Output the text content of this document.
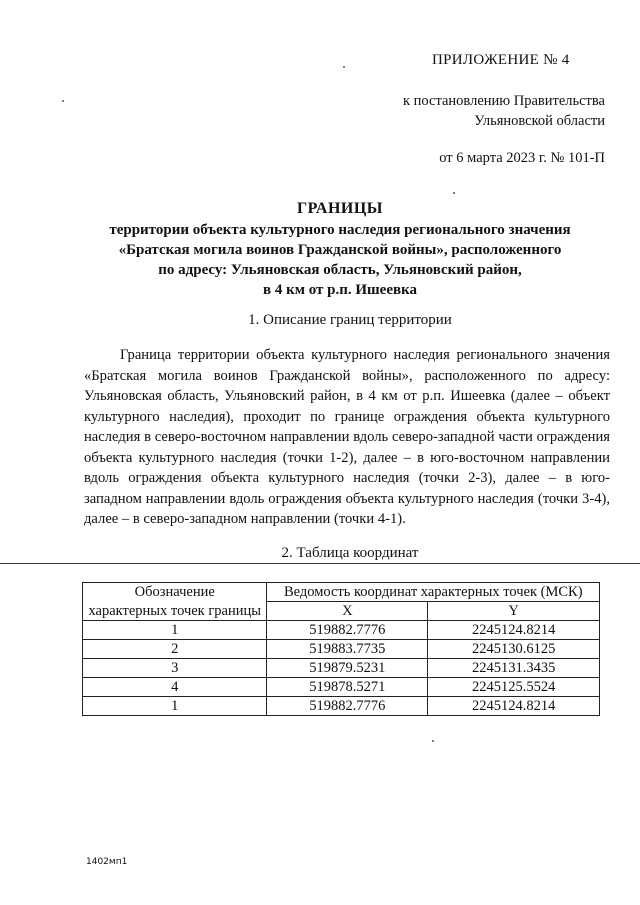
ПРИЛОЖЕНИЕ № 4
к постановлению Правительства
Ульяновской области
от 6 марта 2023 г. № 101-П
ГРАНИЦЫ
территории объекта культурного наследия регионального значения
«Братская могила воинов Гражданской войны», расположенного
по адресу: Ульяновская область, Ульяновский район,
в 4 км от р.п. Ишеевка
1. Описание границ территории

Граница территории объекта культурного наследия регионального значения «Братская могила воинов Гражданской войны», расположенного по адресу: Ульяновская область, Ульяновский район, в 4 км от р.п. Ишеевка (далее – объект культурного наследия), проходит по границе ограждения объекта культурного наследия в северо-восточном направлении вдоль северо-западной части ограждения объекта культурного наследия (точки 1-2), далее – в юго-восточном направлении вдоль ограждения объекта культурного наследия (точки 2-3), далее – в юго-западном направлении вдоль ограждения объекта культурного наследия (точки 3-4), далее – в северо-западном направлении (точки 4-1).

2. Таблица координат
Обозначение	Ведомость координат характерных точек (МСК)	
характерных точек границы	X	Y
1	519882.7776	2245124.8214
2	519883.7735	2245130.6125
3	519879.5231	2245131.3435
4	519878.5271	2245125.5524
1	519882.7776	2245124.8214
1402мп1
